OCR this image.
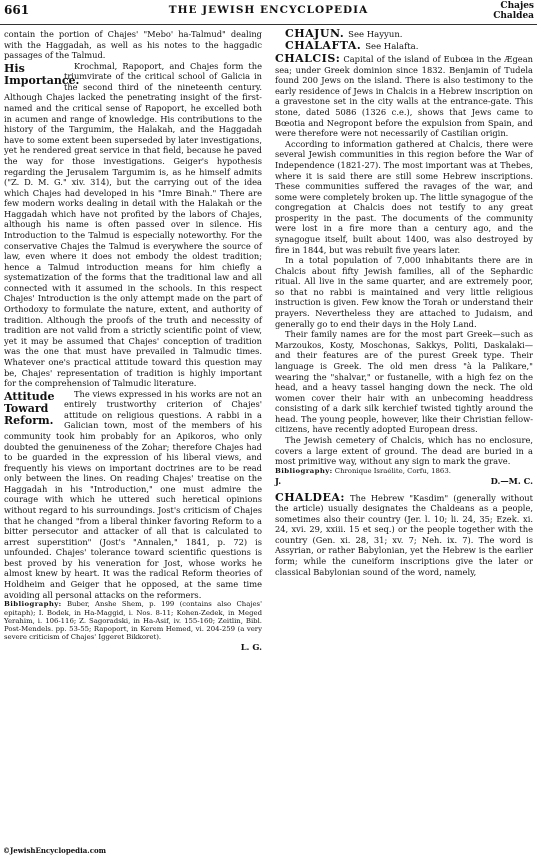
661	THE JEWISH ENCYCLOPEDIA	Chajes
Chaldea

contain the portion of Chajes' "Mebo' ha-Talmud" dealing with the Haggadah, as well as his notes to the haggadic passages of the Talmud.

His Importance.
Krochmal, Rapoport, and Chajes form the triumvirate of the critical school of Galicia in the second third of the nineteenth century. Although Chajes lacked the penetrating insight of the first-named and the critical sense of Rapoport, he excelled both in acumen and range of knowledge. His contributions to the history of the Targumim, the Halakah, and the Haggadah have to some extent been superseded by later investigations, yet he rendered great service in that field, because he paved the way for those investigations. Geiger's hypothesis regarding the Jerusalem Targumim is, as he himself admits ("Z. D. M. G." xiv. 314), but the carrying out of the idea which Chajes had developed in his "Imre Binah." There are few modern works dealing in detail with the Halakah or the Haggadah which have not profited by the labors of Chajes, although his name is often passed over in silence. His Introduction to the Talmud is especially noteworthy. For the conservative Chajes the Talmud is everywhere the source of law, even where it does not embody the oldest tradition; hence a Talmud introduction means for him chiefly a systematization of the forms that the traditional law and all connected with it assumed in the schools. In this respect Chajes' Introduction is the only attempt made on the part of Orthodoxy to formulate the nature, extent, and authority of tradition. Although the proofs of the truth and necessity of tradition are not valid from a strictly scientific point of view, yet it may be assumed that Chajes' conception of tradition was the one that must have prevailed in Talmudic times. Whatever one's practical attitude toward this question may be, Chajes' representation of tradition is highly important for the comprehension of Talmudic literature.

Attitude Toward Reform.
The views expressed in his works are not an entirely trustworthy criterion of Chajes' attitude on religious questions. A rabbi in a Galician town, most of the members of his community took him probably for an Apikoros, who only doubted the genuineness of the Zohar; therefore Chajes had to be guarded in the expression of his liberal views, and frequently his views on important doctrines are to be read only between the lines. On reading Chajes' treatise on the Haggadah in his "Introduction," one must admire the courage with which he uttered such heretical opinions without regard to his surroundings. Jost's criticism of Chajes that he changed "from a liberal thinker favoring Reform to a bitter persecutor and attacker of all that is calculated to arrest superstition" (Jost's "Annalen," 1841, p. 72) is unfounded. Chajes' tolerance toward scientific questions is best proved by his veneration for Jost, whose works he almost knew by heart. It was the radical Reform theories of Holdheim and Geiger that he opposed, at the same time avoiding all personal attacks on the reformers.

Bibliography: Buber, Anshe Shem, p. 199 (contains also Chajes' epitaph); I. Bodek, in Ha-Maggid, i. Nos. 8-11; Kohen-Zedek, in Meged Yerahim, i. 106-116; Z. Sagoradski, in Ha-Asif, iv. 155-160; Zeitlin, Bibl. Post-Mendels. pp. 53-55; Rapoport, in Kerem Hemed, vi. 204-259 (a very severe criticism of Chajes' Iggeret Bikkoret).

L. G.

CHAJUN. See Hayyun.

CHALAFTA. See Halafta.

CHALCIS: Capital of the island of Eubœa in the Ægean sea; under Greek dominion since 1832. Benjamin of Tudela found 200 Jews on the island. There is also testimony to the early residence of Jews in Chalcis in a Hebrew inscription on a gravestone set in the city walls at the entrance-gate. This stone, dated 5086 (1326 c.e.), shows that Jews came to Bœotia and Negropont before the expulsion from Spain, and were therefore were not necessarily of Castilian origin.

According to information gathered at Chalcis, there were several Jewish communities in this region before the War of Independence (1821-27). The most important was at Thebes, where it is said there are still some Hebrew inscriptions. These communities suffered the ravages of the war, and some were completely broken up. The little synagogue of the congregation at Chalcis does not testify to any great prosperity in the past. The documents of the community were lost in a fire more than a century ago, and the synagogue itself, built about 1400, was also destroyed by fire in 1844, but was rebuilt five years later.

In a total population of 7,000 inhabitants there are in Chalcis about fifty Jewish families, all of the Sephardic ritual. All live in the same quarter, and are extremely poor, so that no rabbi is maintained and very little religious instruction is given. Few know the Torah or understand their prayers. Nevertheless they are attached to Judaism, and generally go to end their days in the Holy Land.

Their family names are for the most part Greek—such as Marzoukos, Kosty, Moschonas, Sakkys, Politi, Daskalaki—and their features are of the purest Greek type. Their language is Greek. The old men dress "à la Palikare," wearing the "shalvar," or fustanelle, with a high fez on the head, and a heavy tassel hanging down the neck. The old women cover their hair with an unbecoming headdress consisting of a dark silk kerchief twisted tightly around the head. The young people, however, like their Christian fellow-citizens, have recently adopted European dress.

The Jewish cemetery of Chalcis, which has no enclosure, covers a large extent of ground. The dead are buried in a most primitive way, without any sign to mark the grave.

Bibliography: Chronique Israélite, Corfu, 1863.

J.	D.—M. C.

CHALDEA: The Hebrew "Kasdim" (generally without the article) usually designates the Chaldeans as a people, sometimes also their country (Jer. l. 10; li. 24, 35; Ezek. xi. 24, xvi. 29, xxiii. 15 et seq.) or the people together with the country (Gen. xi. 28, 31; xv. 7; Neh. ix. 7). The word is Assyrian, or rather Babylonian, yet the Hebrew is the earlier form; while the cuneiform inscriptions give the later or classical Babylonian sound of the word, namely,

©JewishEncyclopedia.com
